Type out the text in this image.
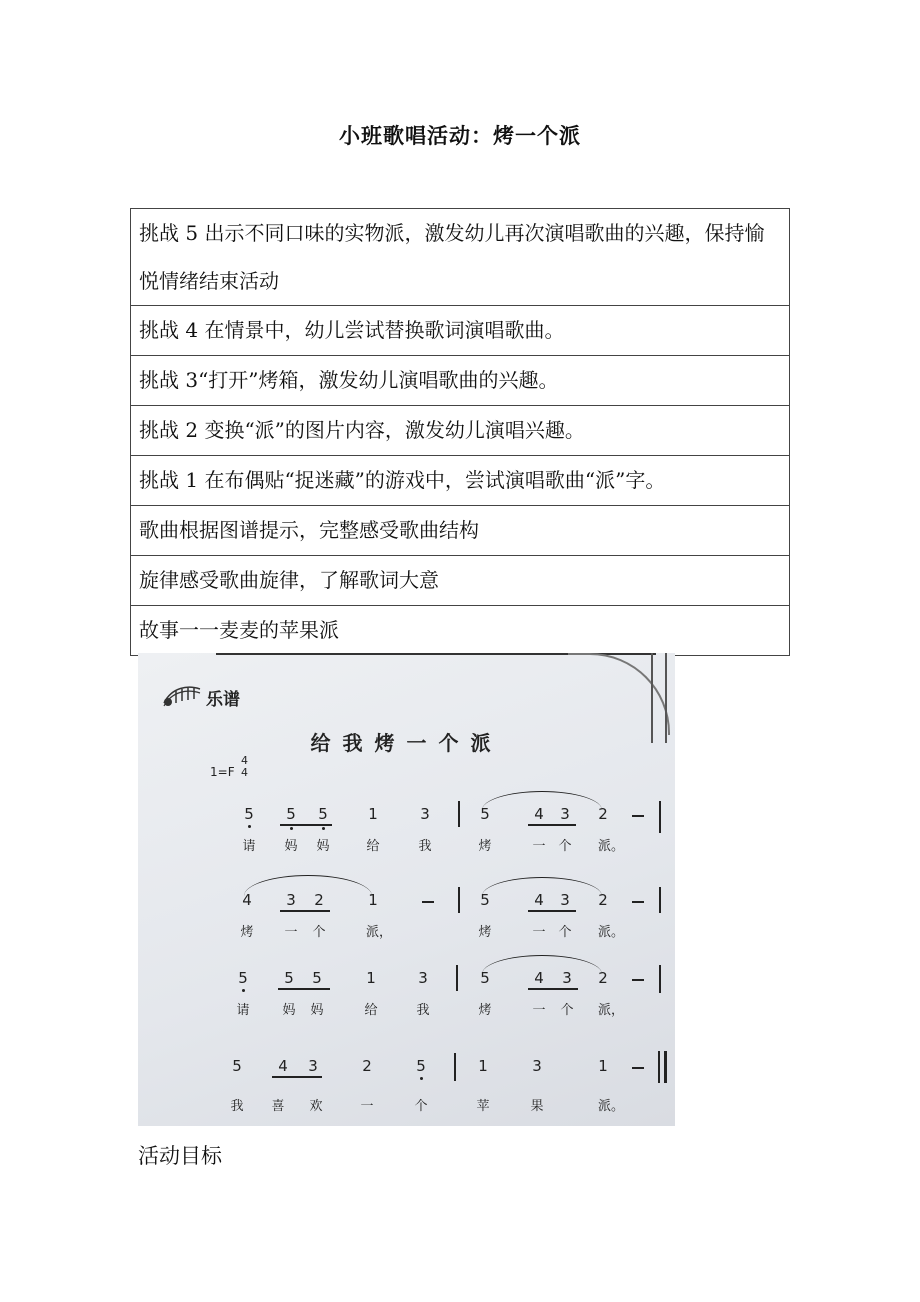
小班歌唱活动：烤一个派
挑战 5 出示不同口味的实物派，激发幼儿再次演唱歌曲的兴趣，保持愉悦情绪结束活动
挑战 4 在情景中，幼儿尝试替换歌词演唱歌曲。
挑战 3“打开”烤箱，激发幼儿演唱歌曲的兴趣。
挑战 2 变换“派”的图片内容，激发幼儿演唱兴趣。
挑战 1 在布偶贴“捉迷藏”的游戏中，尝试演唱歌曲“派”字。
歌曲根据图谱提示，完整感受歌曲结构
旋律感受歌曲旋律，了解歌词大意
故事一一麦麦的苹果派
乐谱
给我烤一个派
1=F
4
4
5 5 5	1	3	5	4 3 2
请 妈 妈	给	我	烤	一 个 派。
4 3 2	1	5	4 3 2
烤 一 个	派，	烤	一 个 派。
5 5 5	1	3	5	4 3 2
请	妈 妈	给	我	烤	一 个 派，
5 4 3	2	5	1	3	1
我 喜 欢	一	个	苹	果	派。
活动目标
